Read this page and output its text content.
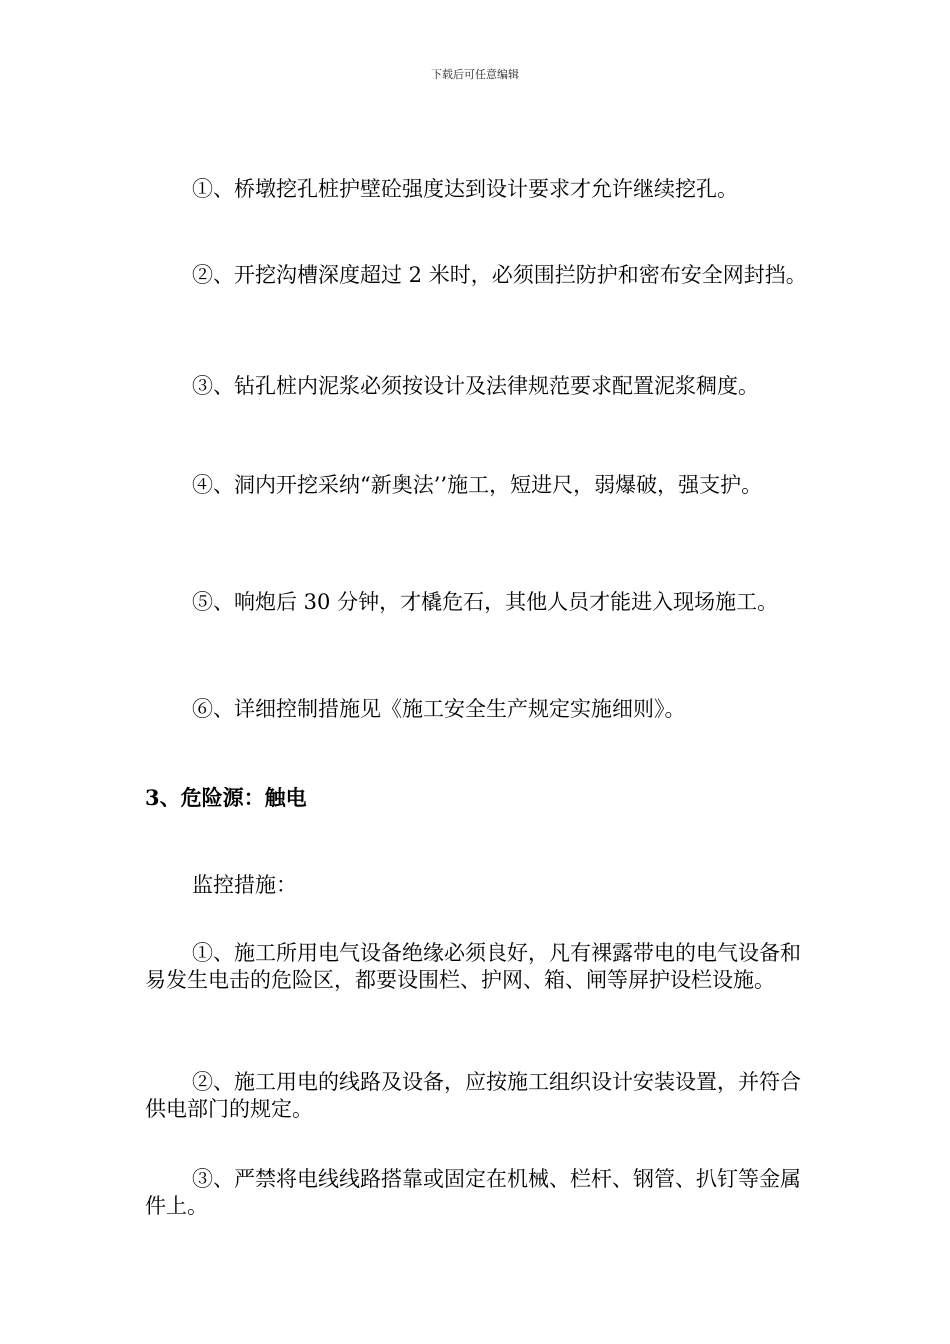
下载后可任意编辑
①、桥墩挖孔桩护壁砼强度达到设计要求才允许继续挖孔。
②、开挖沟槽深度超过 2 米时，必须围拦防护和密布安全网封挡。
③、钻孔桩内泥浆必须按设计及法律规范要求配置泥浆稠度。
④、洞内开挖采纳“新奥法’’施工，短进尺，弱爆破，强支护。
⑤、响炮后 30 分钟，才橇危石，其他人员才能进入现场施工。
⑥、详细控制措施见《施工安全生产规定实施细则》。
3、危险源：触电
监控措施：
①、施工所用电气设备绝缘必须良好，凡有裸露带电的电气设备和易发生电击的危险区，都要设围栏、护网、箱、闸等屏护设栏设施。
②、施工用电的线路及设备，应按施工组织设计安装设置，并符合供电部门的规定。
③、严禁将电线线路搭靠或固定在机械、栏杆、钢管、扒钉等金属件上。
